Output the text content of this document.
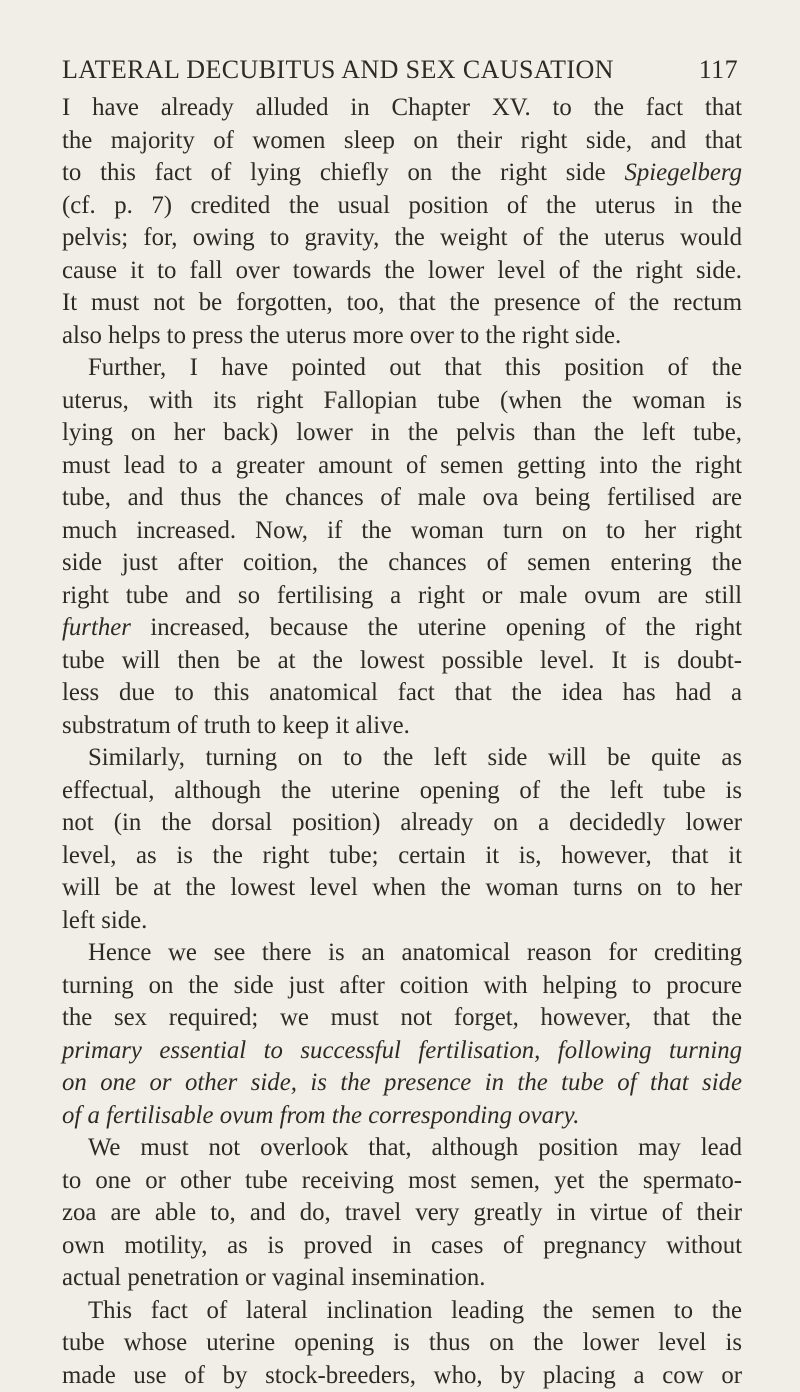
LATERAL DECUBITUS AND SEX CAUSATION	117
I have already alluded in Chapter XV. to the fact that
the majority of women sleep on their right side, and that
to this fact of lying chiefly on the right side Spiegelberg
(cf. p. 7) credited the usual position of the uterus in the
pelvis; for, owing to gravity, the weight of the uterus would
cause it to fall over towards the lower level of the right side.
It must not be forgotten, too, that the presence of the rectum
also helps to press the uterus more over to the right side.
Further, I have pointed out that this position of the
uterus, with its right Fallopian tube (when the woman is
lying on her back) lower in the pelvis than the left tube,
must lead to a greater amount of semen getting into the right
tube, and thus the chances of male ova being fertilised are
much increased. Now, if the woman turn on to her right
side just after coition, the chances of semen entering the
right tube and so fertilising a right or male ovum are still
further increased, because the uterine opening of the right
tube will then be at the lowest possible level. It is doubt-
less due to this anatomical fact that the idea has had a
substratum of truth to keep it alive.
Similarly, turning on to the left side will be quite as
effectual, although the uterine opening of the left tube is
not (in the dorsal position) already on a decidedly lower
level, as is the right tube; certain it is, however, that it
will be at the lowest level when the woman turns on to her
left side.
Hence we see there is an anatomical reason for crediting
turning on the side just after coition with helping to procure
the sex required; we must not forget, however, that the
primary essential to successful fertilisation, following turning
on one or other side, is the presence in the tube of that side
of a fertilisable ovum from the corresponding ovary.
We must not overlook that, although position may lead
to one or other tube receiving most semen, yet the spermato-
zoa are able to, and do, travel very greatly in virtue of their
own motility, as is proved in cases of pregnancy without
actual penetration or vaginal insemination.
This fact of lateral inclination leading the semen to the
tube whose uterine opening is thus on the lower level is
made use of by stock-breeders, who, by placing a cow or
